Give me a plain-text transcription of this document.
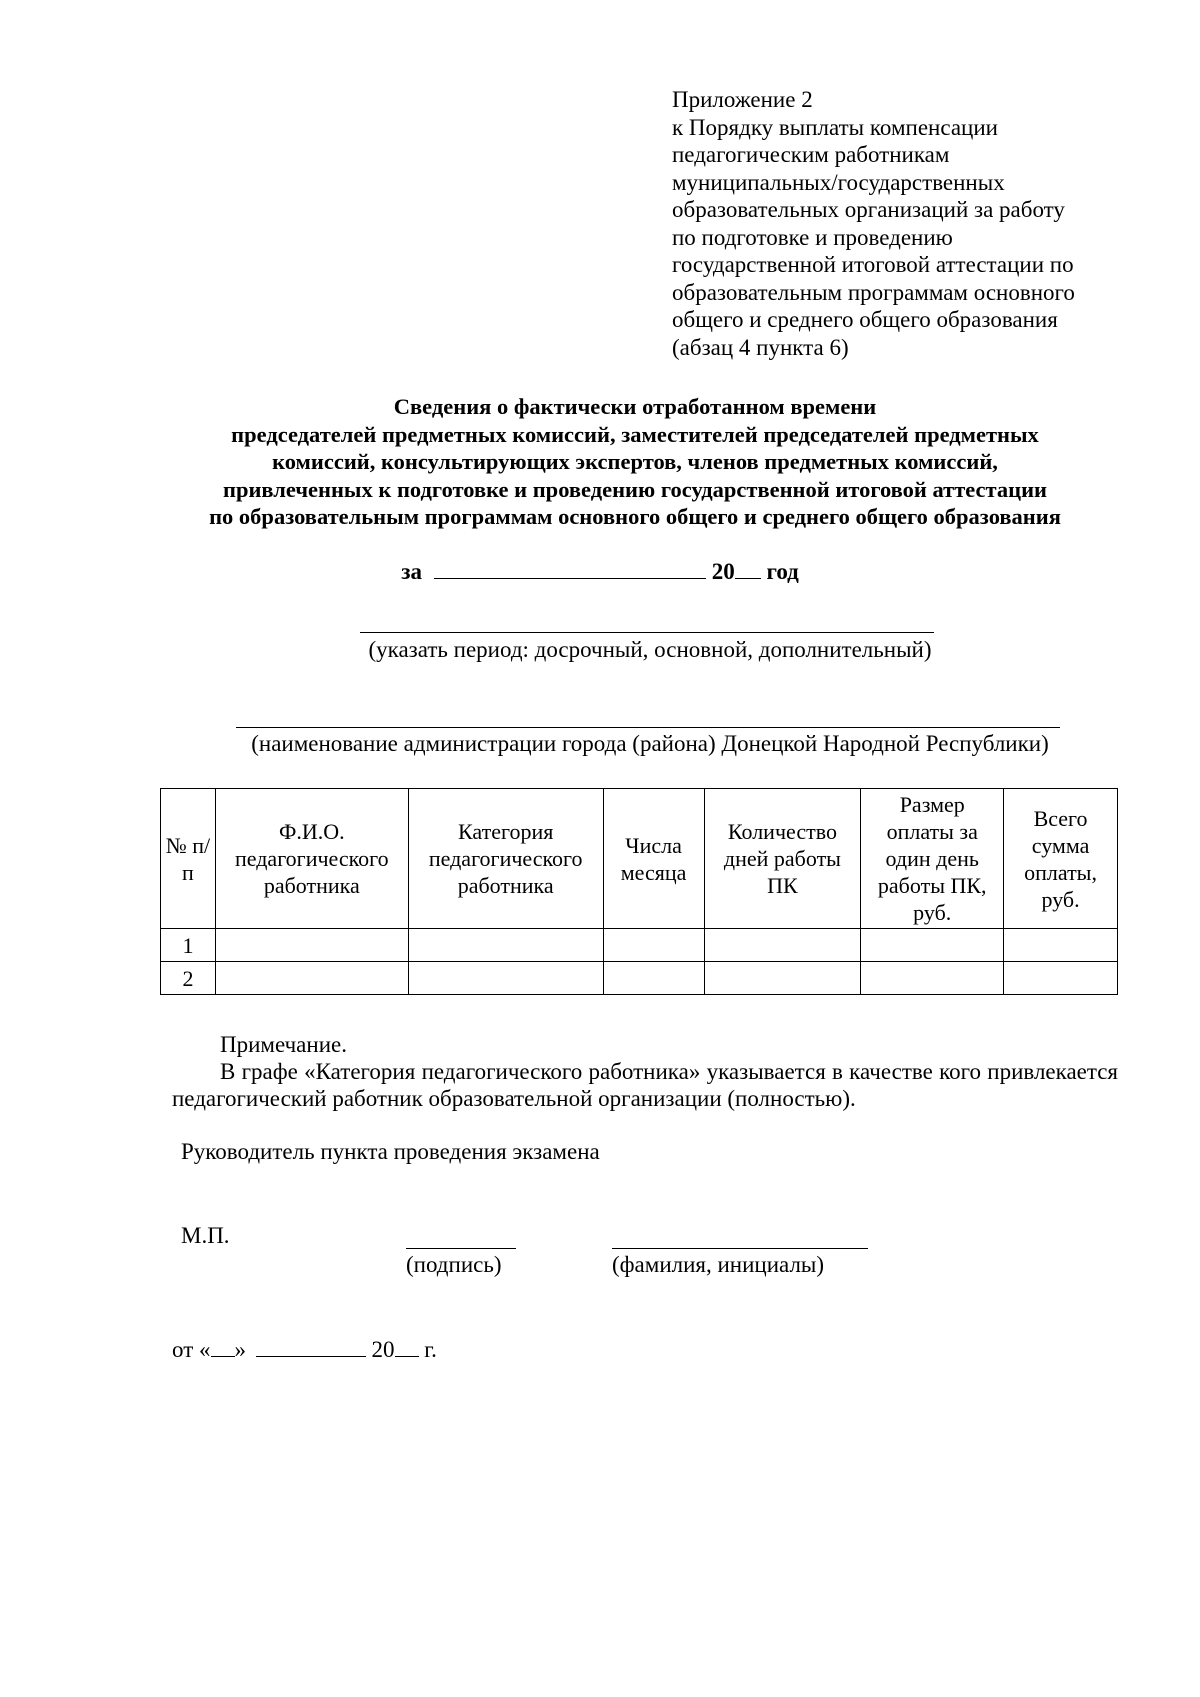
Приложение 2
к Порядку выплаты компенсации
педагогическим работникам
муниципальных/государственных
образовательных организаций за работу
по подготовке и проведению
государственной итоговой аттестации по
образовательным программам основного
общего и среднего общего образования
(абзац 4 пункта 6)
Сведения о фактически отработанном времени
председателей предметных комиссий, заместителей председателей предметных
комиссий, консультирующих экспертов, членов предметных комиссий,
привлеченных к подготовке и проведению государственной итоговой аттестации
по образовательным программам основного общего и среднего общего образования
за	20 год
(указать период: досрочный, основной, дополнительный)
(наименование администрации города (района) Донецкой Народной Республики)
№ п/п	Ф.И.О. педагогического работника	Категория педагогического работника	Числа месяца	Количество дней работы ПК	Размер оплаты за один день работы ПК, руб.	Всего сумма оплаты, руб.
1						
2						
Примечание.
В графе «Категория педагогического работника» указывается в качестве кого привлекается педагогический работник образовательной организации (полностью).
Руководитель пункта проведения экзамена
М.П.
(подпись)	(фамилия, инициалы)
от « »	20 г.
